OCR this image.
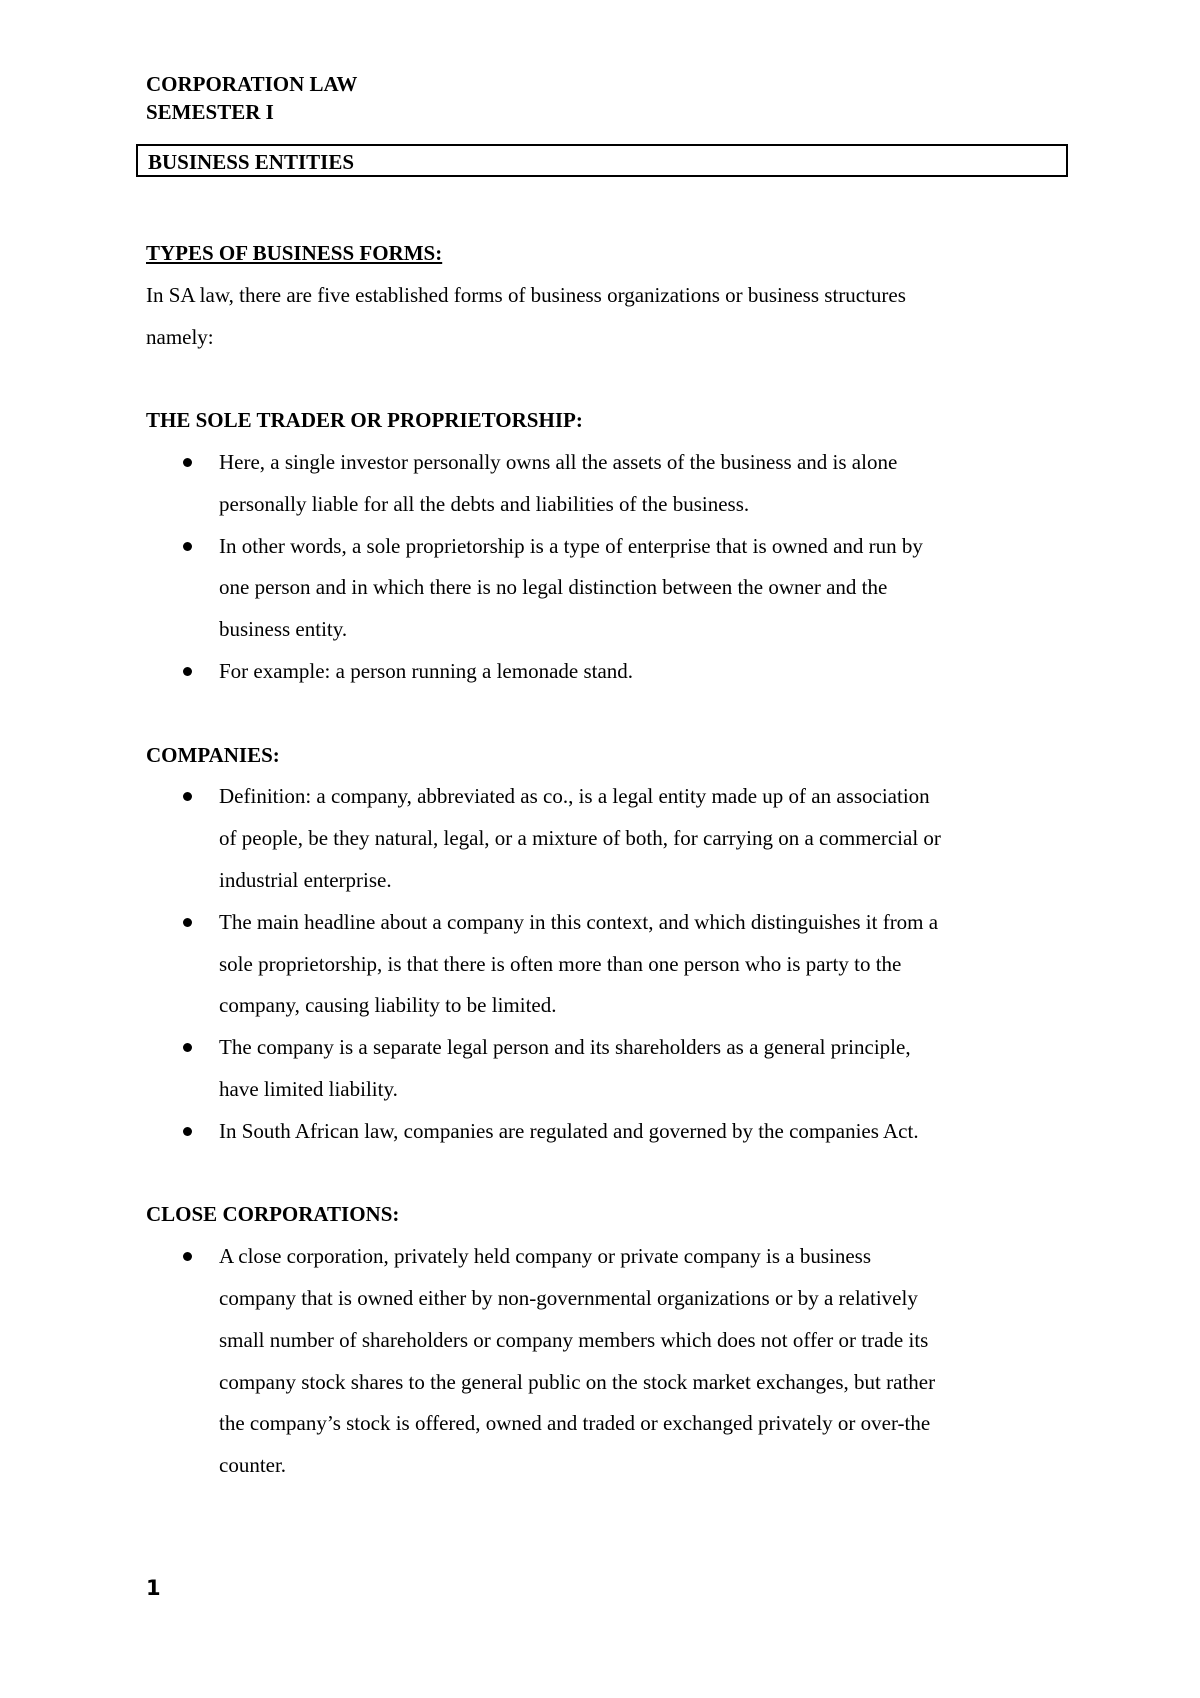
CORPORATION LAW
SEMESTER I
BUSINESS ENTITIES

TYPES OF BUSINESS FORMS:

In SA law, there are five established forms of business organizations or business structures

namely:

THE SOLE TRADER OR PROPRIETORSHIP:

Here, a single investor personally owns all the assets of the business and is alone
personally liable for all the debts and liabilities of the business.
In other words, a sole proprietorship is a type of enterprise that is owned and run by
one person and in which there is no legal distinction between the owner and the
business entity.
For example: a person running a lemonade stand.

COMPANIES:

Definition: a company, abbreviated as co., is a legal entity made up of an association
of people, be they natural, legal, or a mixture of both, for carrying on a commercial or
industrial enterprise.
The main headline about a company in this context, and which distinguishes it from a
sole proprietorship, is that there is often more than one person who is party to the
company, causing liability to be limited.
The company is a separate legal person and its shareholders as a general principle,
have limited liability.
In South African law, companies are regulated and governed by the companies Act.

CLOSE CORPORATIONS:

A close corporation, privately held company or private company is a business
company that is owned either by non-governmental organizations or by a relatively
small number of shareholders or company members which does not offer or trade its
company stock shares to the general public on the stock market exchanges, but rather
the company’s stock is offered, owned and traded or exchanged privately or over-the
counter.
1
